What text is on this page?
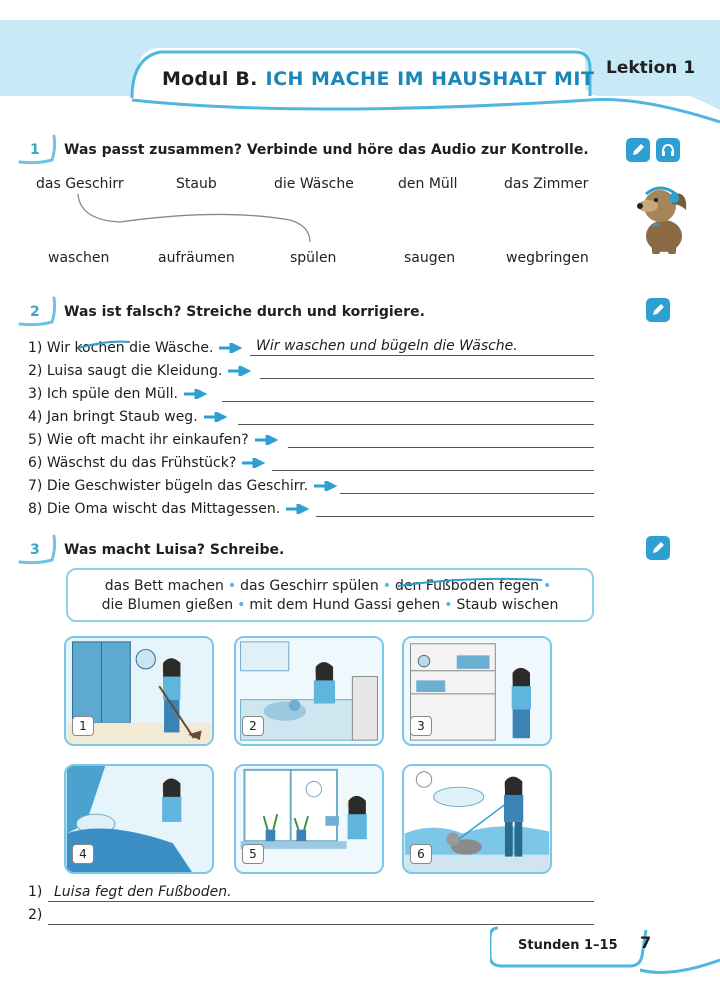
Modul B. ICH MACHE IM HAUSHALT MIT Lektion 1
1 Was passt zusammen? Verbinde und höre das Audio zur Kontrolle.
das Geschirr	Staub	die Wäsche	den Müll	das Zimmer
waschen	aufräumen	spülen	saugen	wegbringen
2 Was ist falsch? Streiche durch und korrigiere.
1) Wir kochen die Wäsche.	Wir waschen und bügeln die Wäsche.
2) Luisa saugt die Kleidung.
3) Ich spüle den Müll.
4) Jan bringt Staub weg.
5) Wie oft macht ihr einkaufen?
6) Wäschst du das Frühstück?
7) Die Geschwister bügeln das Geschirr.
8) Die Oma wischt das Mittagessen.
3 Was macht Luisa? Schreibe.
das Bett machen • das Geschirr spülen • den Fußboden fegen •
die Blumen gießen • mit dem Hund Gassi gehen • Staub wischen
1	2	3
4	5	6
1) Luisa fegt den Fußboden.
2)
Stunden 1–15 7
